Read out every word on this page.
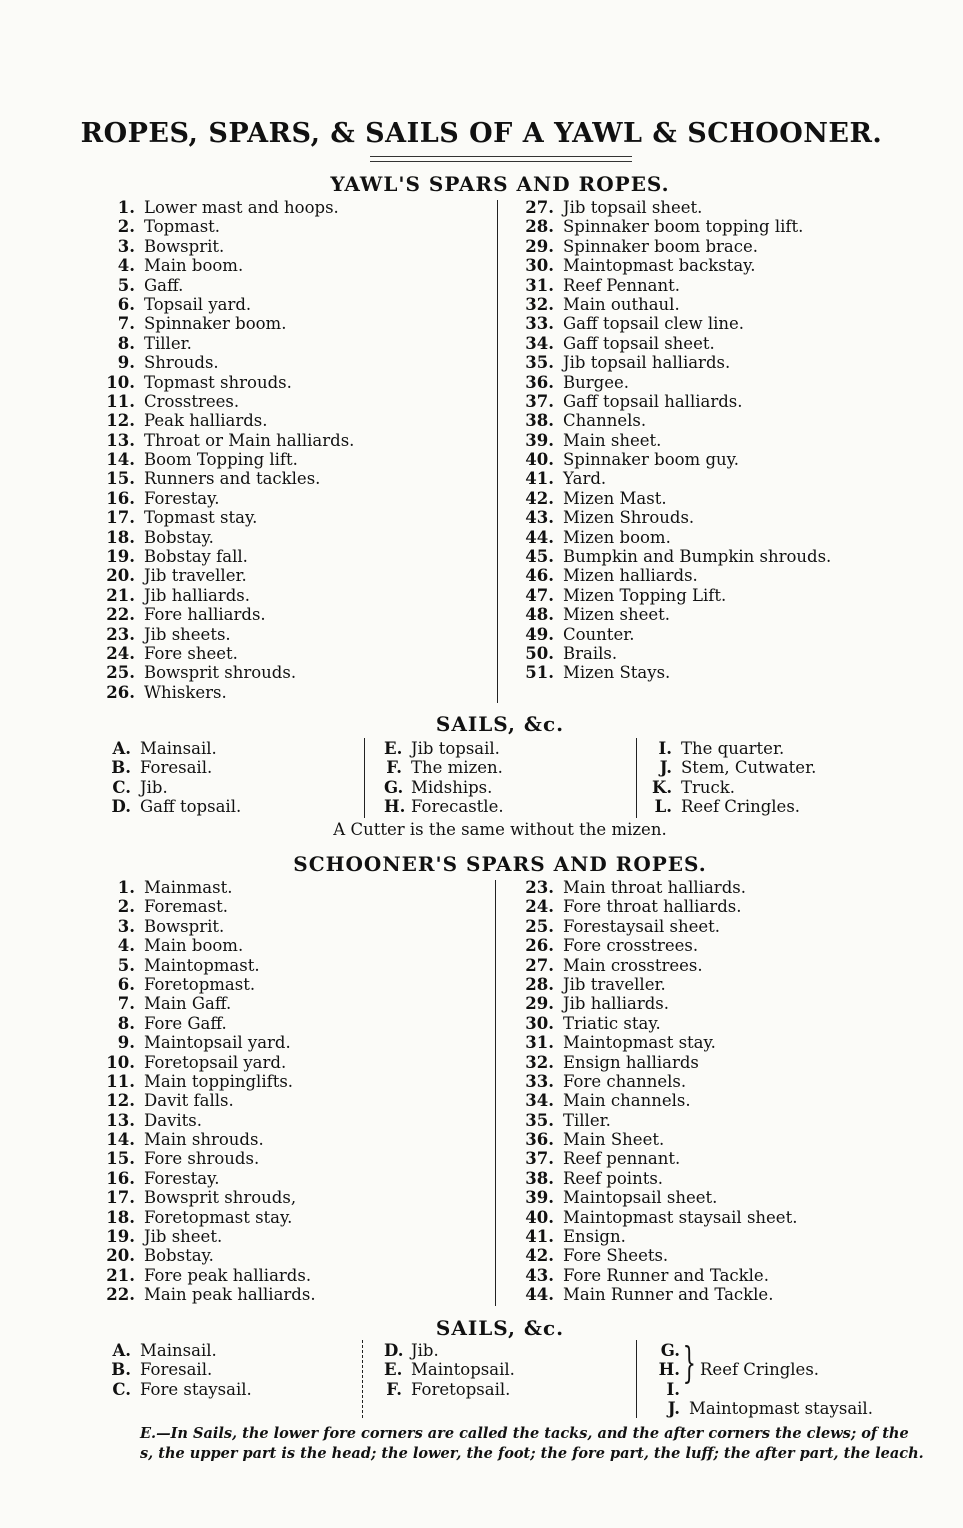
ROPES, SPARS, & SAILS OF A YAWL & SCHOONER.
YAWL'S SPARS AND ROPES.
1. Lower mast and hoops.
2. Topmast.
3. Bowsprit.
4. Main boom.
5. Gaff.
6. Topsail yard.
7. Spinnaker boom.
8. Tiller.
9. Shrouds.
10. Topmast shrouds.
11. Crosstrees.
12. Peak halliards.
13. Throat or Main halliards.
14. Boom Topping lift.
15. Runners and tackles.
16. Forestay.
17. Topmast stay.
18. Bobstay.
19. Bobstay fall.
20. Jib traveller.
21. Jib halliards.
22. Fore halliards.
23. Jib sheets.
24. Fore sheet.
25. Bowsprit shrouds.
26. Whiskers.
27. Jib topsail sheet.
28. Spinnaker boom topping lift.
29. Spinnaker boom brace.
30. Maintopmast backstay.
31. Reef Pennant.
32. Main outhaul.
33. Gaff topsail clew line.
34. Gaff topsail sheet.
35. Jib topsail halliards.
36. Burgee.
37. Gaff topsail halliards.
38. Channels.
39. Main sheet.
40. Spinnaker boom guy.
41. Yard.
42. Mizen Mast.
43. Mizen Shrouds.
44. Mizen boom.
45. Bumpkin and Bumpkin shrouds.
46. Mizen halliards.
47. Mizen Topping Lift.
48. Mizen sheet.
49. Counter.
50. Brails.
51. Mizen Stays.
SAILS, &c.
A. Mainsail.
B. Foresail.
C. Jib.
D. Gaff topsail.
E. Jib topsail.
F. The mizen.
G. Midships.
H. Forecastle.
I. The quarter.
J. Stem, Cutwater.
K. Truck.
L. Reef Cringles.
A Cutter is the same without the mizen.
SCHOONER'S SPARS AND ROPES.
1. Mainmast.
2. Foremast.
3. Bowsprit.
4. Main boom.
5. Maintopmast.
6. Foretopmast.
7. Main Gaff.
8. Fore Gaff.
9. Maintopsail yard.
10. Foretopsail yard.
11. Main toppinglifts.
12. Davit falls.
13. Davits.
14. Main shrouds.
15. Fore shrouds.
16. Forestay.
17. Bowsprit shrouds,
18. Foretopmast stay.
19. Jib sheet.
20. Bobstay.
21. Fore peak halliards.
22. Main peak halliards.
23. Main throat halliards.
24. Fore throat halliards.
25. Forestaysail sheet.
26. Fore crosstrees.
27. Main crosstrees.
28. Jib traveller.
29. Jib halliards.
30. Triatic stay.
31. Maintopmast stay.
32. Ensign halliards
33. Fore channels.
34. Main channels.
35. Tiller.
36. Main Sheet.
37. Reef pennant.
38. Reef points.
39. Maintopsail sheet.
40. Maintopmast staysail sheet.
41. Ensign.
42. Fore Sheets.
43. Fore Runner and Tackle.
44. Main Runner and Tackle.
SAILS, &c.
A. Mainsail.
B. Foresail.
C. Fore staysail.
D. Jib.
E. Maintopsail.
F. Foretopsail.
G.
H.
I.
J. Maintopmast staysail.
} Reef Cringles.
E.—In Sails, the lower fore corners are called the tacks, and the after corners the clews; of the
s, the upper part is the head; the lower, the foot; the fore part, the luff; the after part, the leach.
